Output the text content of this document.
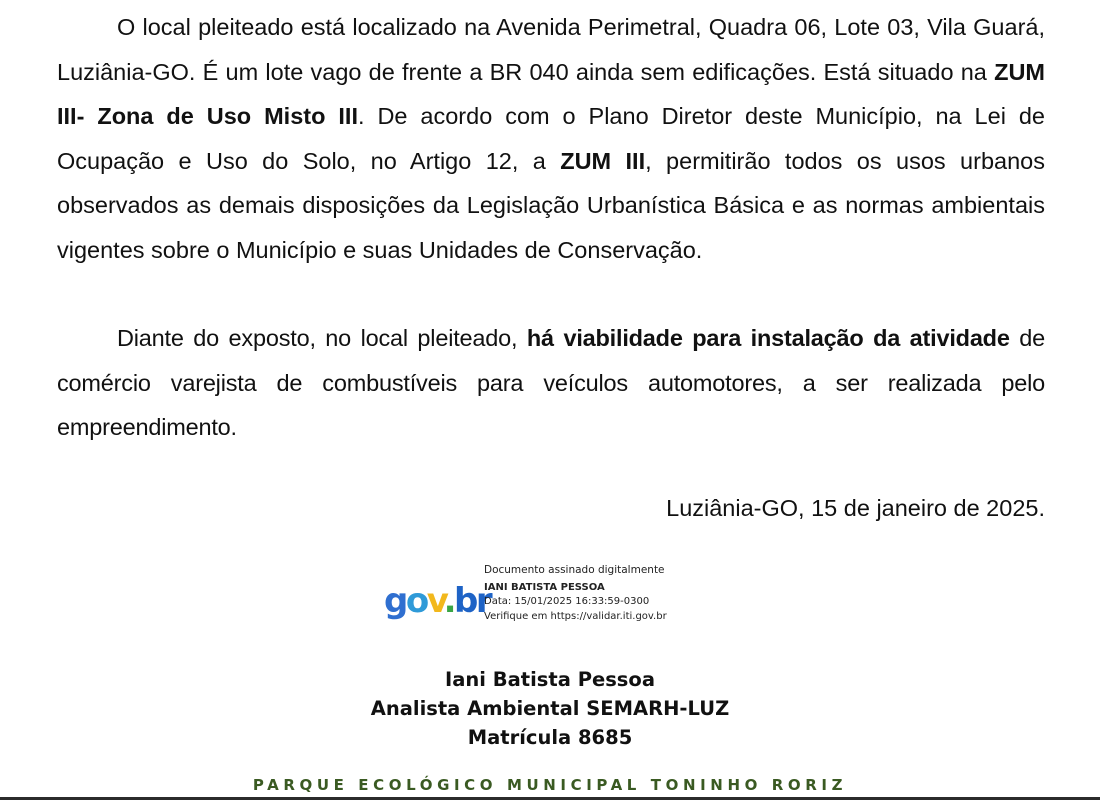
O local pleiteado está localizado na Avenida Perimetral, Quadra 06, Lote 03, Vila Guará, Luziânia-GO. É um lote vago de frente a BR 040 ainda sem edificações. Está situado na ZUM III- Zona de Uso Misto III. De acordo com o Plano Diretor deste Município, na Lei de Ocupação e Uso do Solo, no Artigo 12, a ZUM III, permitirão todos os usos urbanos observados as demais disposições da Legislação Urbanística Básica e as normas ambientais vigentes sobre o Município e suas Unidades de Conservação.

Diante do exposto, no local pleiteado, há viabilidade para instalação da atividade de comércio varejista de combustíveis para veículos automotores, a ser realizada pelo empreendimento.

Luziânia-GO, 15 de janeiro de 2025.
gov.br
Documento assinado digitalmente
IANI BATISTA PESSOA
Data: 15/01/2025 16:33:59-0300
Verifique em https://validar.iti.gov.br
Iani Batista Pessoa
Analista Ambiental SEMARH-LUZ
Matrícula 8685
PARQUE ECOLÓGICO MUNICIPAL TONINHO RORIZ
